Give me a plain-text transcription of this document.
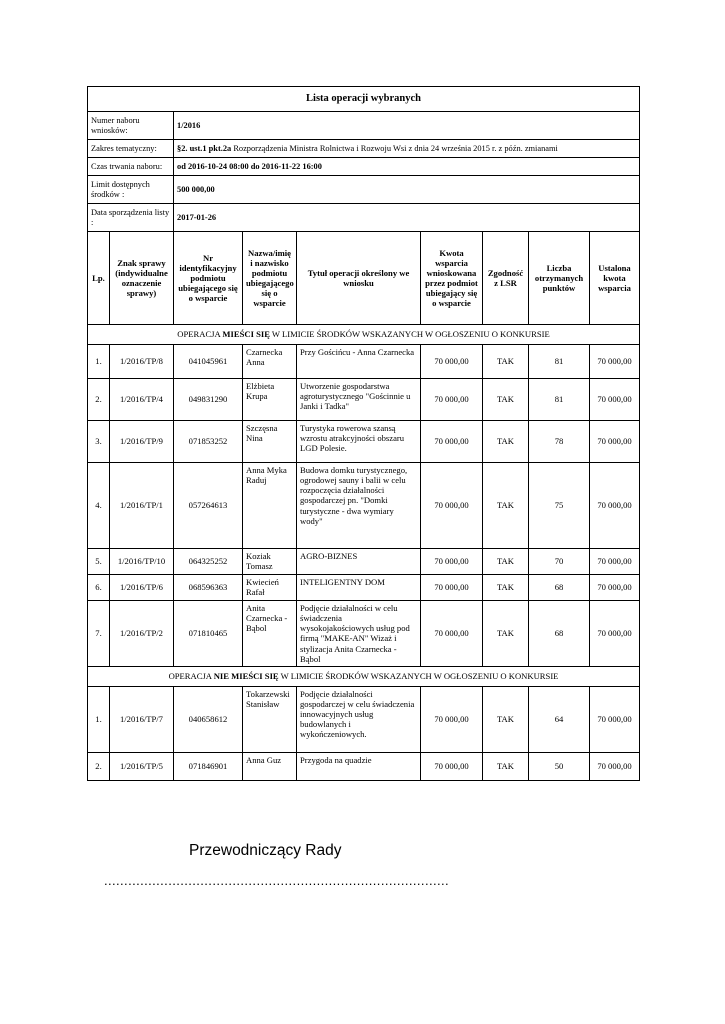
Lista operacji wybranych								
Numer naboru wniosków:		1/2016						
Zakres tematyczny:		§2. ust.1 pkt.2a Rozporządzenia Ministra Rolnictwa i Rozwoju Wsi z dnia 24 września 2015 r. z późn. zmianami						
Czas trwania naboru:		od 2016-10-24 08:00 do 2016-11-22 16:00						
Limit dostępnych środków :		500 000,00						
Data sporządzenia listy :		2017-01-26						
Lp.	Znak sprawy (indywidualne oznaczenie sprawy)	Nr identyfikacyjny podmiotu ubiegającego się o wsparcie	Nazwa/imię i nazwisko podmiotu ubiegającego się o wsparcie	Tytuł operacji określony we wniosku	Kwota wsparcia wnioskowana przez podmiot ubiegający się o wsparcie	Zgodność z LSR	Liczba otrzymanych punktów	Ustalona kwota wsparcia
OPERACJA MIEŚCI SIĘ W LIMICIE ŚRODKÓW WSKAZANYCH W OGŁOSZENIU O KONKURSIE								
1.	1/2016/TP/8	041045961	Czarnecka Anna	Przy Gościńcu - Anna Czarnecka	70 000,00	TAK	81	70 000,00
2.	1/2016/TP/4	049831290	Elżbieta Krupa	Utworzenie gospodarstwa agroturystycznego "Gościnnie u Janki i Tadka"	70 000,00	TAK	81	70 000,00
3.	1/2016/TP/9	071853252	Szczęsna Nina	Turystyka rowerowa szansą wzrostu atrakcyjności obszaru LGD Polesie.	70 000,00	TAK	78	70 000,00
4.	1/2016/TP/1	057264613	Anna Myka Raduj	Budowa domku turystycznego, ogrodowej sauny i balii w celu rozpoczęcia działalności gospodarczej pn. "Domki turystyczne - dwa wymiary wody"	70 000,00	TAK	75	70 000,00
5.	1/2016/TP/10	064325252	Koziak Tomasz	AGRO-BIZNES	70 000,00	TAK	70	70 000,00
6.	1/2016/TP/6	068596363	Kwiecień Rafał	INTELIGENTNY DOM	70 000,00	TAK	68	70 000,00
7.	1/2016/TP/2	071810465	Anita Czarnecka - Bąbol	Podjęcie działalności w celu świadczenia wysokojakościowych usług pod firmą "MAKE-AN" Wizaż i stylizacja Anita Czarnecka - Bąbol	70 000,00	TAK	68	70 000,00
OPERACJA NIE MIEŚCI SIĘ W LIMICIE ŚRODKÓW WSKAZANYCH W OGŁOSZENIU O KONKURSIE								
1.	1/2016/TP/7	040658612	Tokarzewski Stanisław	Podjęcie działalności gospodarczej w celu świadczenia innowacyjnych usług budowlanych i wykończeniowych.	70 000,00	TAK	64	70 000,00
2.	1/2016/TP/5	071846901	Anna Guz	Przygoda na quadzie	70 000,00	TAK	50	70 000,00
Przewodniczący Rady
......................................................................................
